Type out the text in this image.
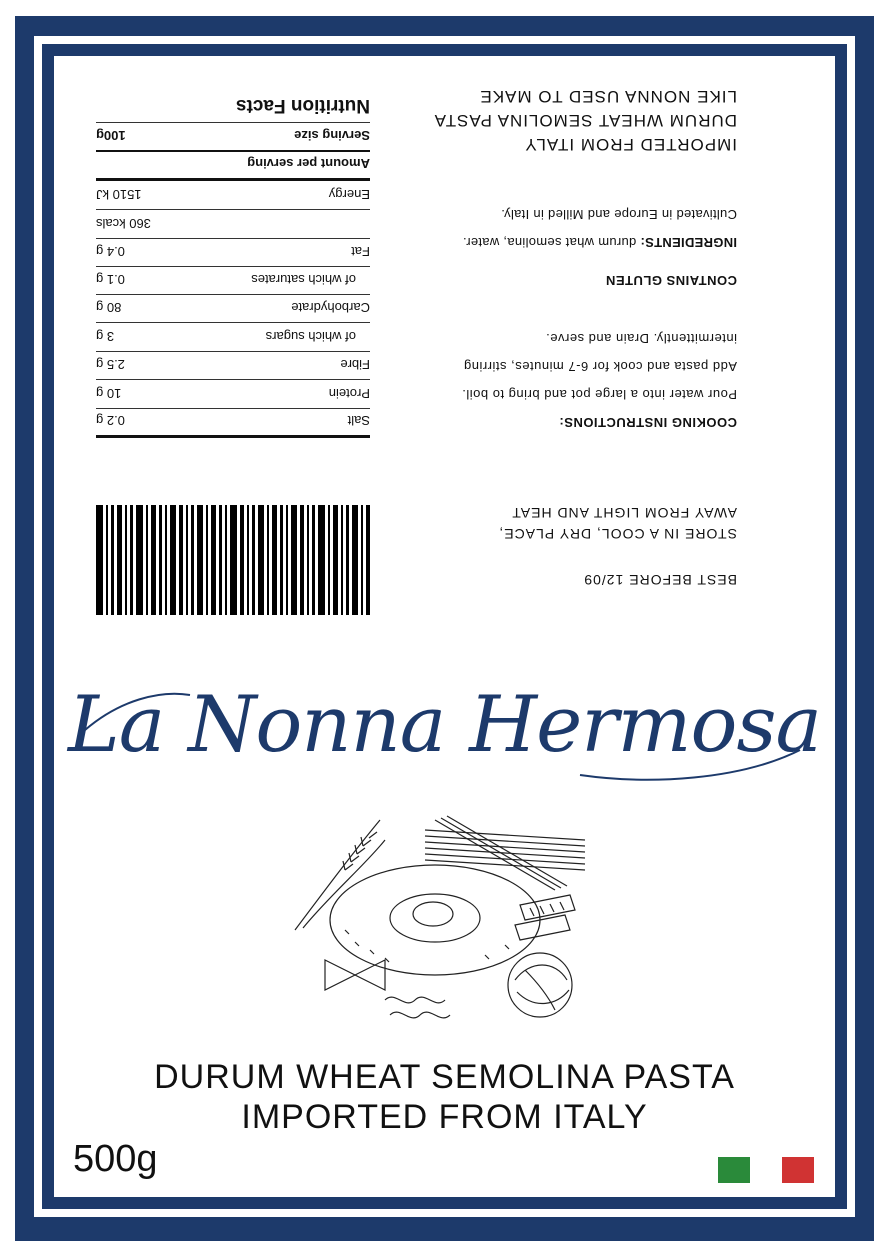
BEST BEFORE 12/09
STORE IN A COOL, DRY PLACE,
AWAY FROM LIGHT AND HEAT
COOKING INSTRUCTIONS:
Pour water into a large pot and bring to boil.
Add pasta and cook for 6-7 minutes, stirring
intermittently. Drain and serve.
CONTAINS GLUTEN
INGREDIENTS: durum what semolina, water.
Cultivated in Europe and Milled in Italy.
IMPORTED FROM ITALY
DURUM WHEAT SEMOLINA PASTA
LIKE NONNA USED TO MAKE
Salt
0.2 g
Protein
10 g
Fibre
2.5 g
of which sugars
3 g
Carbohydrate
80 g
of which saturates
0.1 g
Fat
0.4 g
360 kcals
Energy
1510 kJ
Amount per serving
Serving size
100g
Nutrition Facts
La Nonna Hermosa
DURUM WHEAT SEMOLINA PASTA
IMPORTED FROM ITALY
500g
